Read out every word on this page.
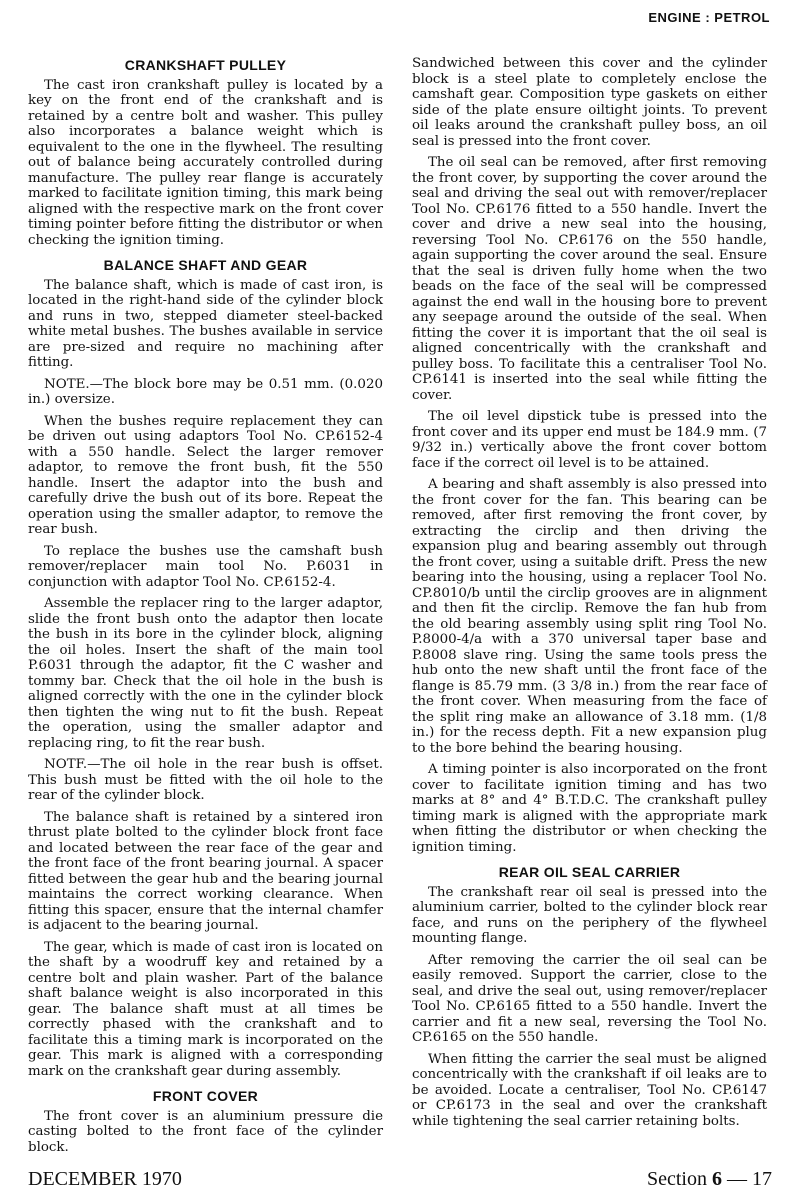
ENGINE : PETROL
CRANKSHAFT PULLEY

The cast iron crankshaft pulley is located by a key on the front end of the crankshaft and is retained by a centre bolt and washer. This pulley also incorporates a balance weight which is equivalent to the one in the flywheel. The resulting out of balance being accurately controlled during manufacture. The pulley rear flange is accurately marked to facilitate ignition timing, this mark being aligned with the respective mark on the front cover timing pointer before fitting the distributor or when checking the ignition timing.

BALANCE SHAFT AND GEAR

The balance shaft, which is made of cast iron, is located in the right-hand side of the cylinder block and runs in two, stepped diameter steel-backed white metal bushes. The bushes available in service are pre-sized and require no machining after fitting.

NOTE.—The block bore may be 0.51 mm. (0.020 in.) oversize.

When the bushes require replacement they can be driven out using adaptors Tool No. CP.6152-4 with a 550 handle. Select the larger remover adaptor, to remove the front bush, fit the 550 handle. Insert the adaptor into the bush and carefully drive the bush out of its bore. Repeat the operation using the smaller adaptor, to remove the rear bush.

To replace the bushes use the camshaft bush remover/replacer main tool No. P.6031 in conjunction with adaptor Tool No. CP.6152-4.

Assemble the replacer ring to the larger adaptor, slide the front bush onto the adaptor then locate the bush in its bore in the cylinder block, aligning the oil holes. Insert the shaft of the main tool P.6031 through the adaptor, fit the C washer and tommy bar. Check that the oil hole in the bush is aligned correctly with the one in the cylinder block then tighten the wing nut to fit the bush. Repeat the operation, using the smaller adaptor and replacing ring, to fit the rear bush.

NOTF.—The oil hole in the rear bush is offset. This bush must be fitted with the oil hole to the rear of the cylinder block.

The balance shaft is retained by a sintered iron thrust plate bolted to the cylinder block front face and located between the rear face of the gear and the front face of the front bearing journal. A spacer fitted between the gear hub and the bearing journal maintains the correct working clearance. When fitting this spacer, ensure that the internal chamfer is adjacent to the bearing journal.

The gear, which is made of cast iron is located on the shaft by a woodruff key and retained by a centre bolt and plain washer. Part of the balance shaft balance weight is also incorporated in this gear. The balance shaft must at all times be correctly phased with the crankshaft and to facilitate this a timing mark is incorporated on the gear. This mark is aligned with a corresponding mark on the crankshaft gear during assembly.

FRONT COVER

The front cover is an aluminium pressure die casting bolted to the front face of the cylinder block.

Sandwiched between this cover and the cylinder block is a steel plate to completely enclose the camshaft gear. Composition type gaskets on either side of the plate ensure oiltight joints. To prevent oil leaks around the crankshaft pulley boss, an oil seal is pressed into the front cover.

The oil seal can be removed, after first removing the front cover, by supporting the cover around the seal and driving the seal out with remover/replacer Tool No. CP.6176 fitted to a 550 handle. Invert the cover and drive a new seal into the housing, reversing Tool No. CP.6176 on the 550 handle, again supporting the cover around the seal. Ensure that the seal is driven fully home when the two beads on the face of the seal will be compressed against the end wall in the housing bore to prevent any seepage around the outside of the seal. When fitting the cover it is important that the oil seal is aligned concentrically with the crankshaft and pulley boss. To facilitate this a centraliser Tool No. CP.6141 is inserted into the seal while fitting the cover.

The oil level dipstick tube is pressed into the front cover and its upper end must be 184.9 mm. (7 9/32 in.) vertically above the front cover bottom face if the correct oil level is to be attained.

A bearing and shaft assembly is also pressed into the front cover for the fan. This bearing can be removed, after first removing the front cover, by extracting the circlip and then driving the expansion plug and bearing assembly out through the front cover, using a suitable drift. Press the new bearing into the housing, using a replacer Tool No. CP.8010/b until the circlip grooves are in alignment and then fit the circlip. Remove the fan hub from the old bearing assembly using split ring Tool No. P.8000-4/a with a 370 universal taper base and P.8008 slave ring. Using the same tools press the hub onto the new shaft until the front face of the flange is 85.79 mm. (3 3/8 in.) from the rear face of the front cover. When measuring from the face of the split ring make an allowance of 3.18 mm. (1/8 in.) for the recess depth. Fit a new expansion plug to the bore behind the bearing housing.

A timing pointer is also incorporated on the front cover to facilitate ignition timing and has two marks at 8° and 4° B.T.D.C. The crankshaft pulley timing mark is aligned with the appropriate mark when fitting the distributor or when checking the ignition timing.

REAR OIL SEAL CARRIER

The crankshaft rear oil seal is pressed into the aluminium carrier, bolted to the cylinder block rear face, and runs on the periphery of the flywheel mounting flange.

After removing the carrier the oil seal can be easily removed. Support the carrier, close to the seal, and drive the seal out, using remover/replacer Tool No. CP.6165 fitted to a 550 handle. Invert the carrier and fit a new seal, reversing the Tool No. CP.6165 on the 550 handle.

When fitting the carrier the seal must be aligned concentrically with the crankshaft if oil leaks are to be avoided. Locate a centraliser, Tool No. CP.6147 or CP.6173 in the seal and over the crankshaft while tightening the seal carrier retaining bolts.

DECEMBER 1970	Section 6 — 17
